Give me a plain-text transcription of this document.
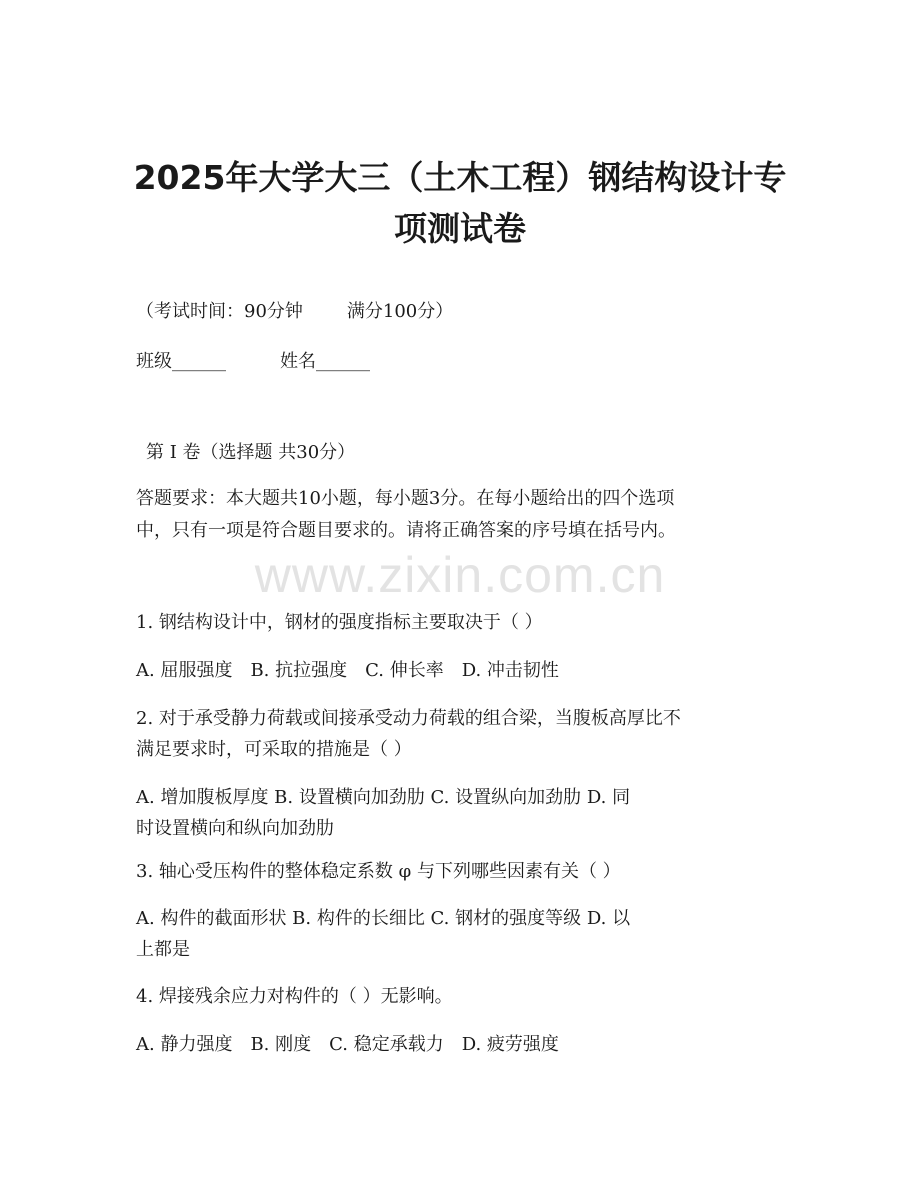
2025年大学大三（土木工程）钢结构设计专
项测试卷
（考试时间：90分钟 满分100分）
班级______	姓名______
第 I 卷（选择题 共30分）
答题要求：本大题共10小题，每小题3分。在每小题给出的四个选项
中，只有一项是符合题目要求的。请将正确答案的序号填在括号内。
www.zixin.com.cn
1. 钢结构设计中，钢材的强度指标主要取决于（ ）
A. 屈服强度 B. 抗拉强度 C. 伸长率 D. 冲击韧性
2. 对于承受静力荷载或间接承受动力荷载的组合梁，当腹板高厚比不
满足要求时，可采取的措施是（ ）
A. 增加腹板厚度 B. 设置横向加劲肋 C. 设置纵向加劲肋 D. 同
时设置横向和纵向加劲肋
3. 轴心受压构件的整体稳定系数 φ 与下列哪些因素有关（ ）
A. 构件的截面形状 B. 构件的长细比 C. 钢材的强度等级 D. 以
上都是
4. 焊接残余应力对构件的（ ）无影响。
A. 静力强度 B. 刚度 C. 稳定承载力 D. 疲劳强度
